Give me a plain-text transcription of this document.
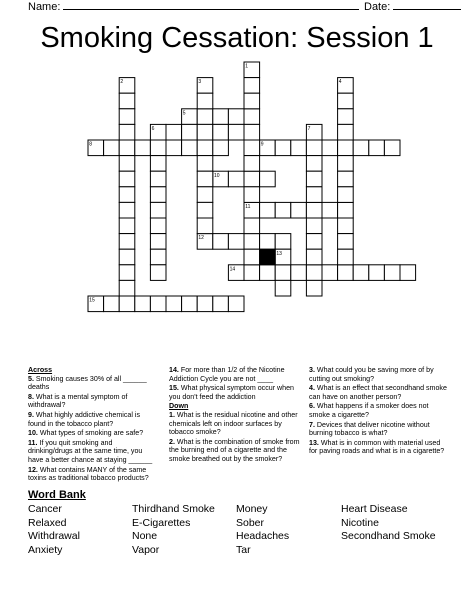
Name:	Date:
Smoking Cessation: Session 1
5
6
8	9
10
11
12
14
15
1
2	3	4
7
13
Across
5. Smoking causes 30% of all ______ deaths
8. What is a mental symptom of withdrawal?
9. What highly addictive chemical is found in the tobacco plant?
10. What types of smoking are safe?
11. If you quit smoking and drinking/drugs at the same time, you have a better chance at staying ______
12. What contains MANY of the same toxins as traditional tobacco products?
14. For more than 1/2 of the Nicotine Addiction Cycle you are not ____
15. What physical symptom occur when you don't feed the addiction
Down
1. What is the residual nicotine and other chemicals left on indoor surfaces by tobacco smoke?
2. What is the combination of smoke from the burning end of a cigarette and the smoke breathed out by the smoker?
3. What could you be saving more of by cutting out smoking?
4. What is an effect that secondhand smoke can have on another person?
6. What happens if a smoker does not smoke a cigarette?
7. Devices that deliver nicotine without burning tobacco is what?
13. What is in common with material used for paving roads and what is in a cigarette?
Word Bank
Cancer
Relaxed
Withdrawal
Anxiety
Thirdhand Smoke
E-Cigarettes
None
Vapor
Money
Sober
Headaches
Tar
Heart Disease
Nicotine
Secondhand Smoke
